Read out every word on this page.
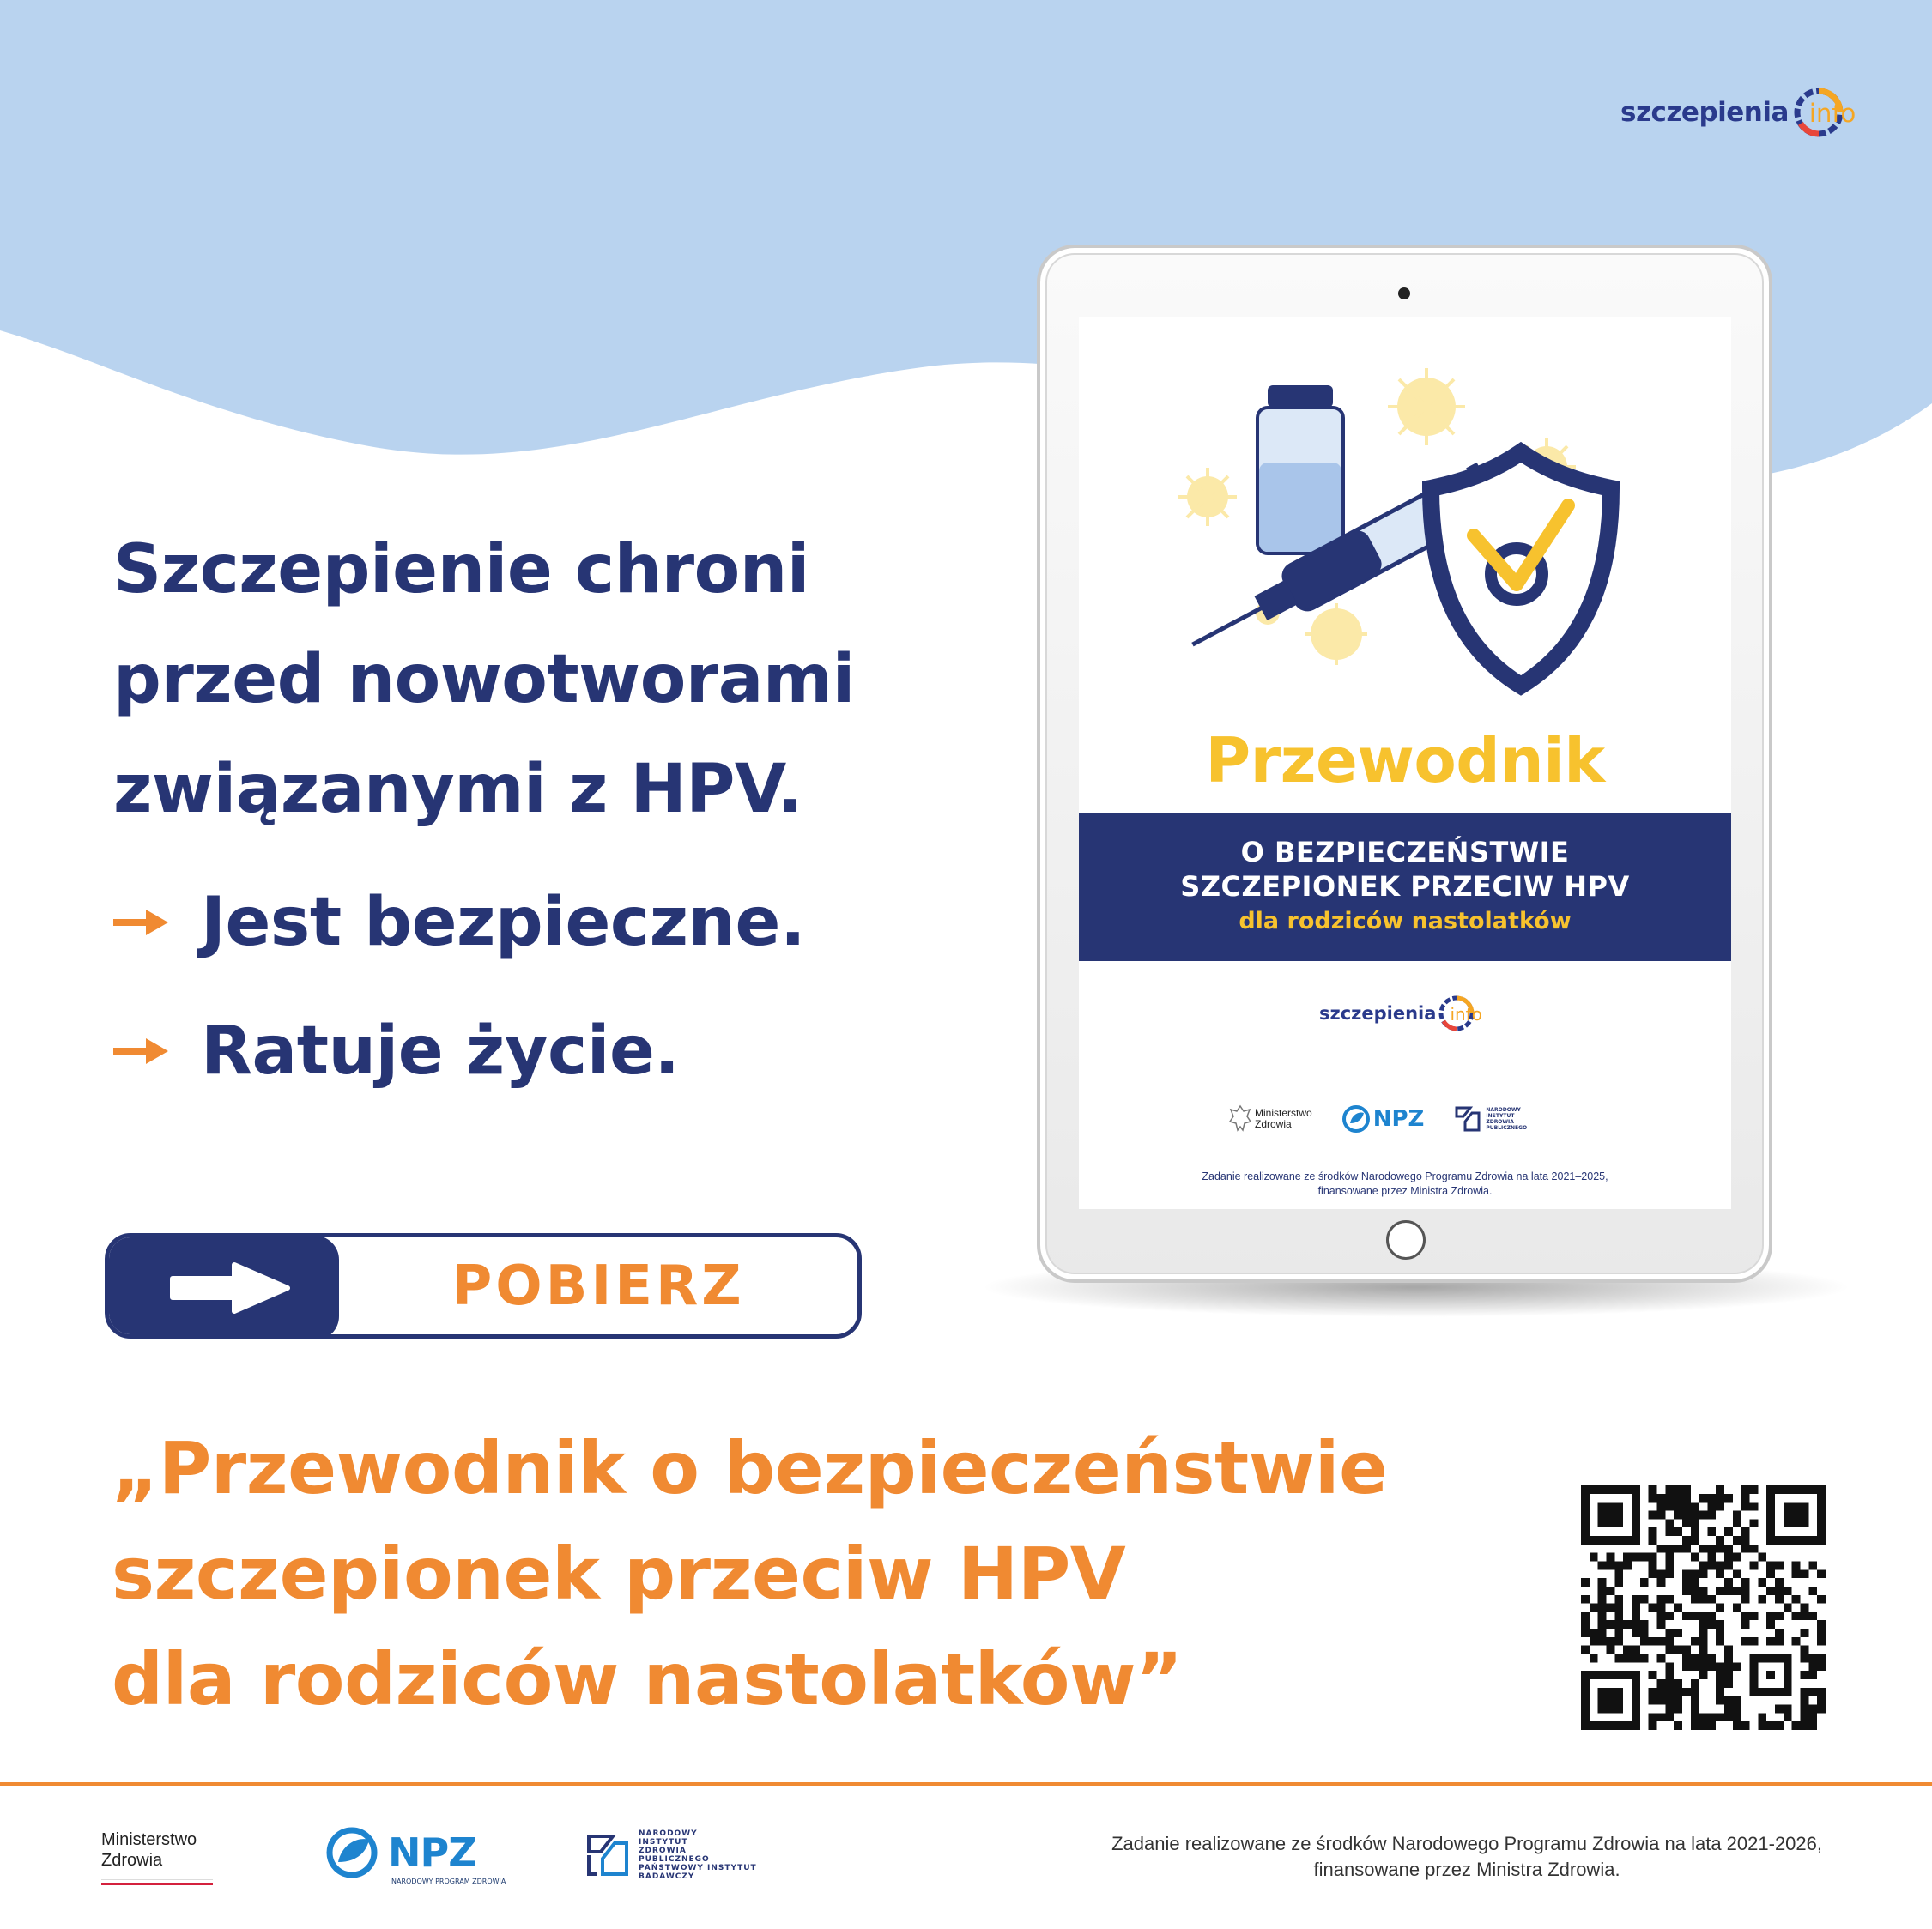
szczepienia info
Szczepienie chroni
przed nowotworami
związanymi z HPV.
Jest bezpieczne.
Ratuje życie.
POBIERZ
„Przewodnik o bezpieczeństwie
szczepionek przeciw HPV
dla rodziców nastolatków”
Przewodnik
O BEZPIECZEŃSTWIE
SZCZEPIONEK PRZECIW HPV
dla rodziców nastolatków
szczepienia info
Ministerstwo
Zdrowia	NPZ	NARODOWY
INSTYTUT
ZDROWIA
PUBLICZNEGO
Zadanie realizowane ze środków Narodowego Programu Zdrowia na lata 2021–2025,
finansowane przez Ministra Zdrowia.
Ministerstwo
Zdrowia	NPZ
NARODOWY PROGRAM ZDROWIA
NARODOWY
INSTYTUT
ZDROWIA
PUBLICZNEGO
PAŃSTWOWY INSTYTUT
BADAWCZY
Zadanie realizowane ze środków Narodowego Programu Zdrowia na lata 2021-2026,
finansowane przez Ministra Zdrowia.
